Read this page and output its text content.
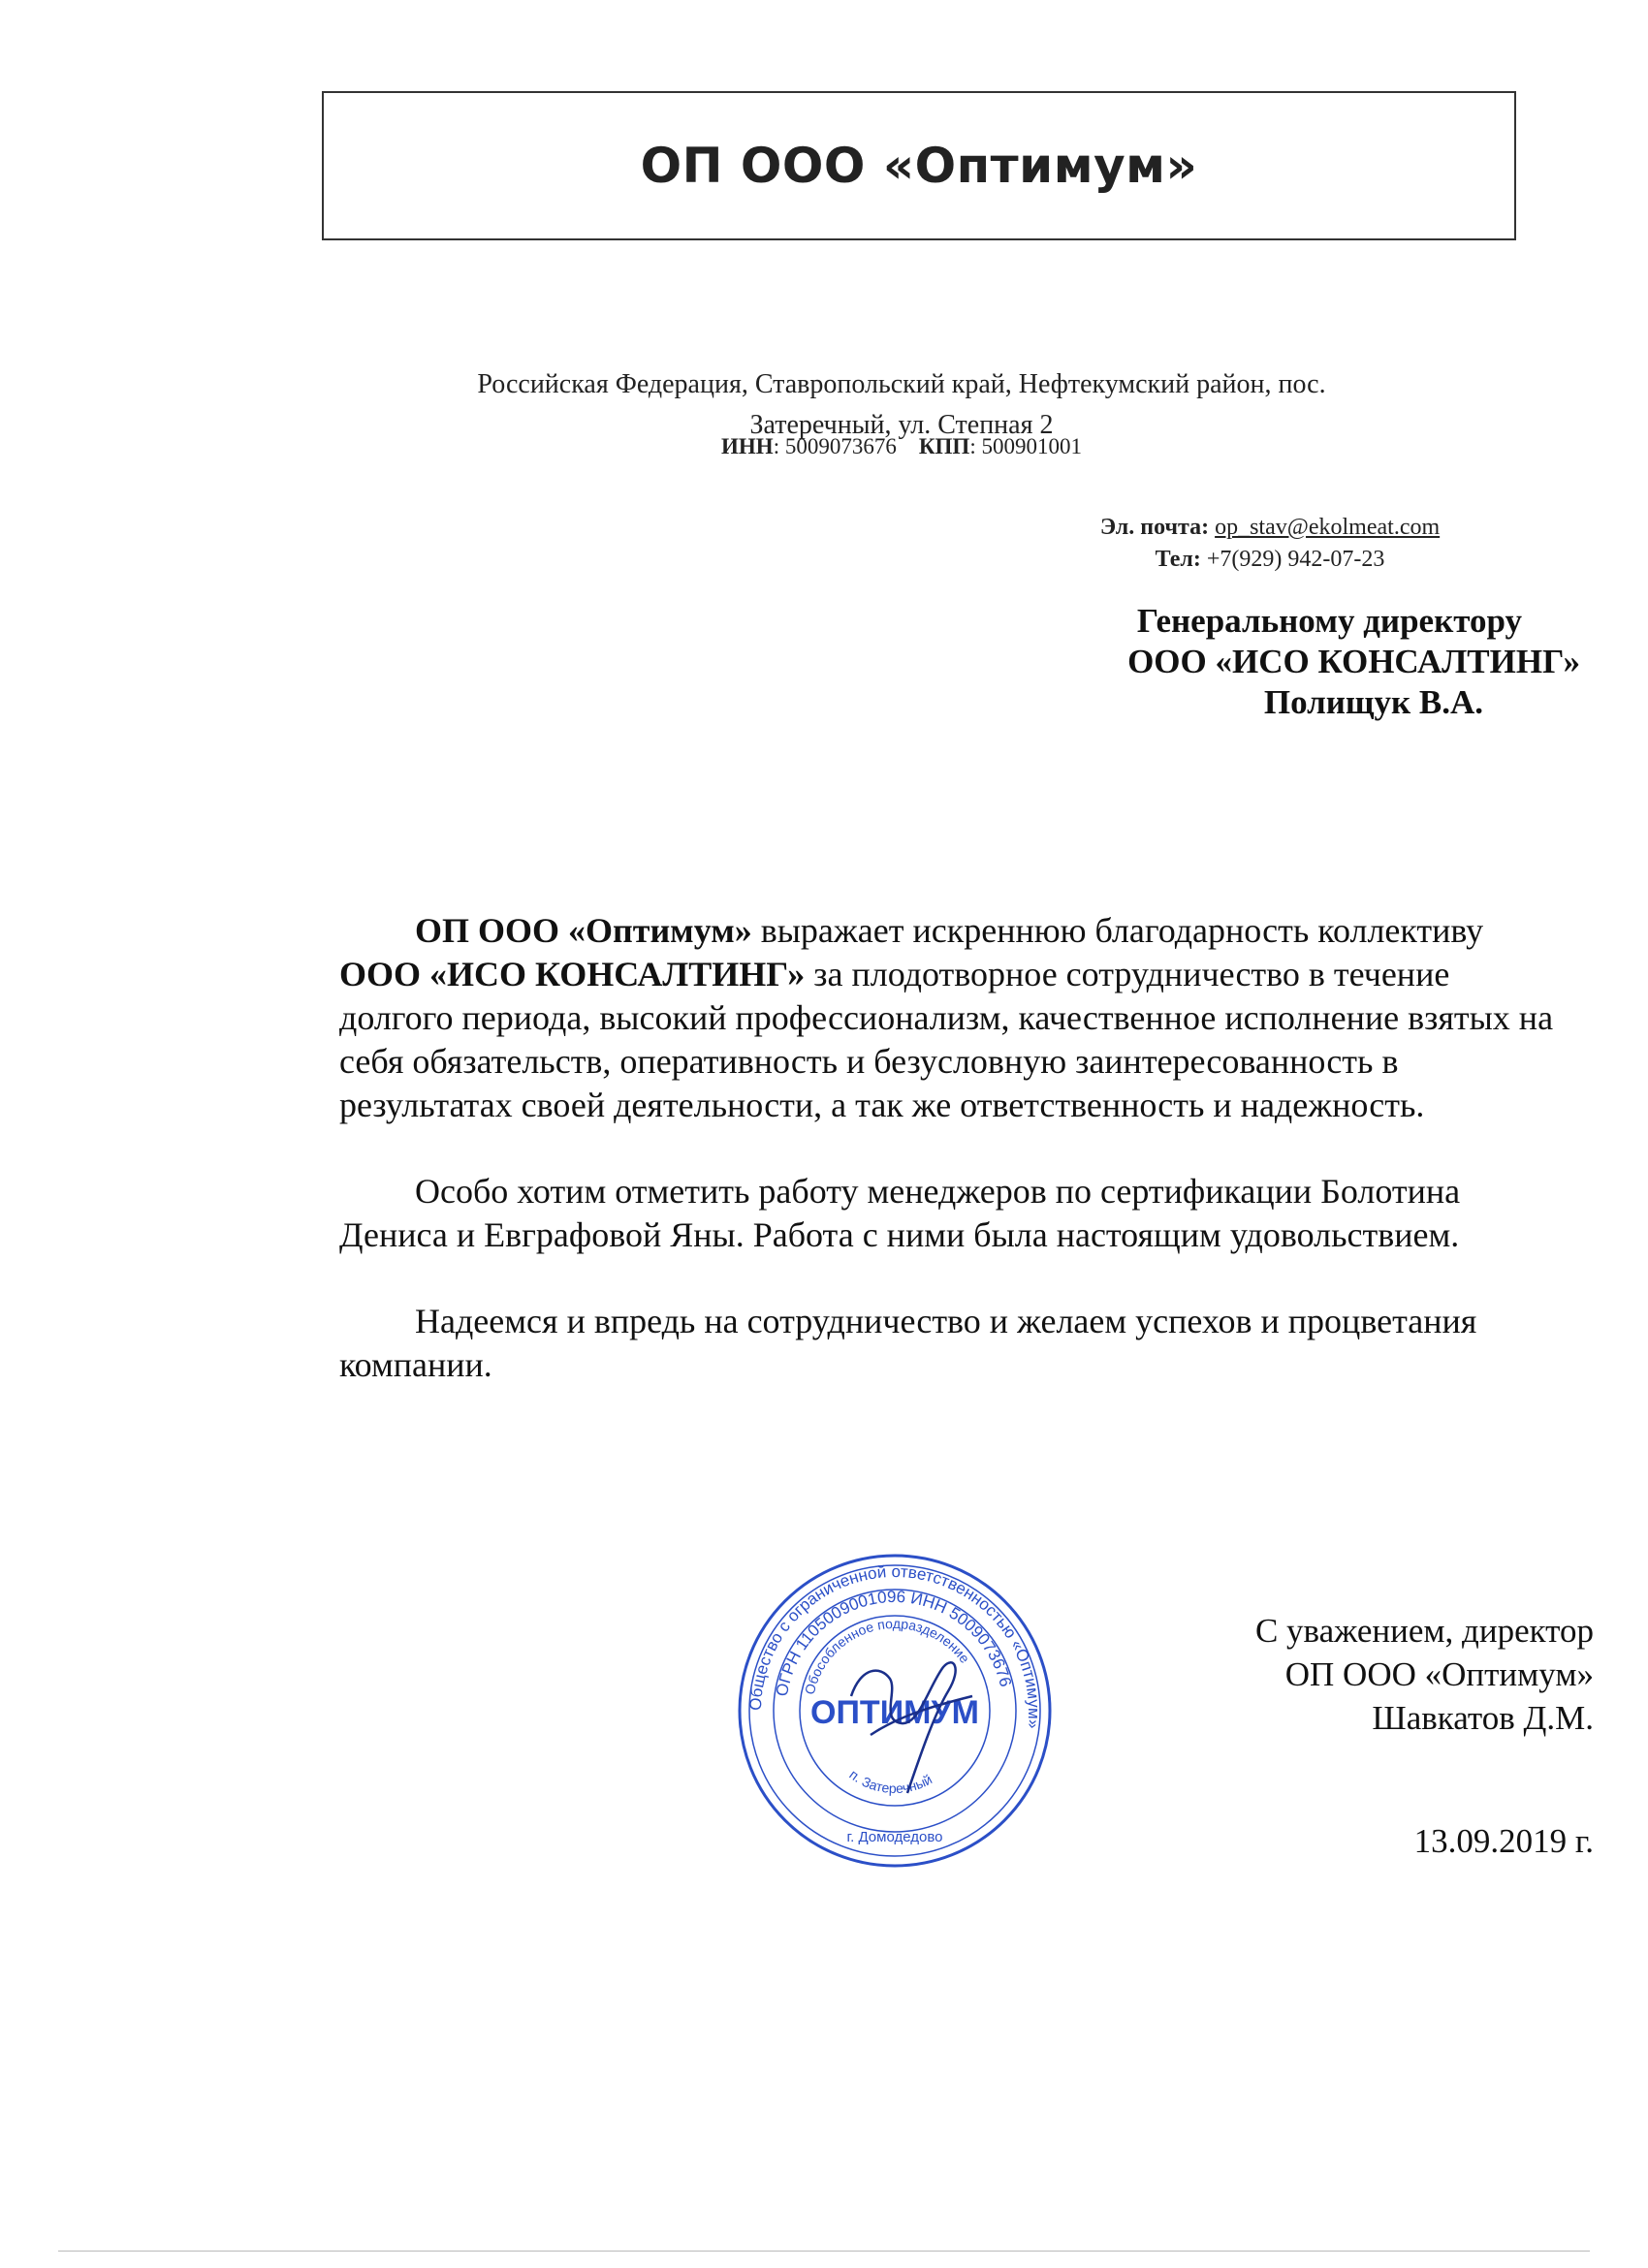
ОП ООО «Оптимум»
Российская Федерация, Ставропольский край, Нефтекумский район, пос.
Затеречный, ул. Степная 2
ИНН: 5009073676 КПП: 500901001
Эл. почта: op_stav@ekolmeat.com
Тел: +7(929) 942-07-23
Генеральному директору
ООО «ИСО КОНСАЛТИНГ»
Полищук В.А.

ОП ООО «Оптимум» выражает искреннюю благодарность коллективу ООО «ИСО КОНСАЛТИНГ» за плодотворное сотрудничество в течение долгого периода, высокий профессионализм, качественное исполнение взятых на себя обязательств, оперативность и безусловную заинтересованность в результатах своей деятельности, а так же ответственность и надежность.

Особо хотим отметить работу менеджеров по сертификации Болотина Дениса и Евграфовой Яны. Работа с ними была настоящим удовольствием.

Надеемся и впредь на сотрудничество и желаем успехов и процветания компании.

Общество с ограниченной ответственностью «Оптимум»
ОГРН 1105009001096 ИНН 5009073676
Обособленное подразделение
п. Затеречный
ОПТИМУМ
г. Домодедово
С уважением, директор
ОП ООО «Оптимум»
Шавкатов Д.М.
13.09.2019 г.
